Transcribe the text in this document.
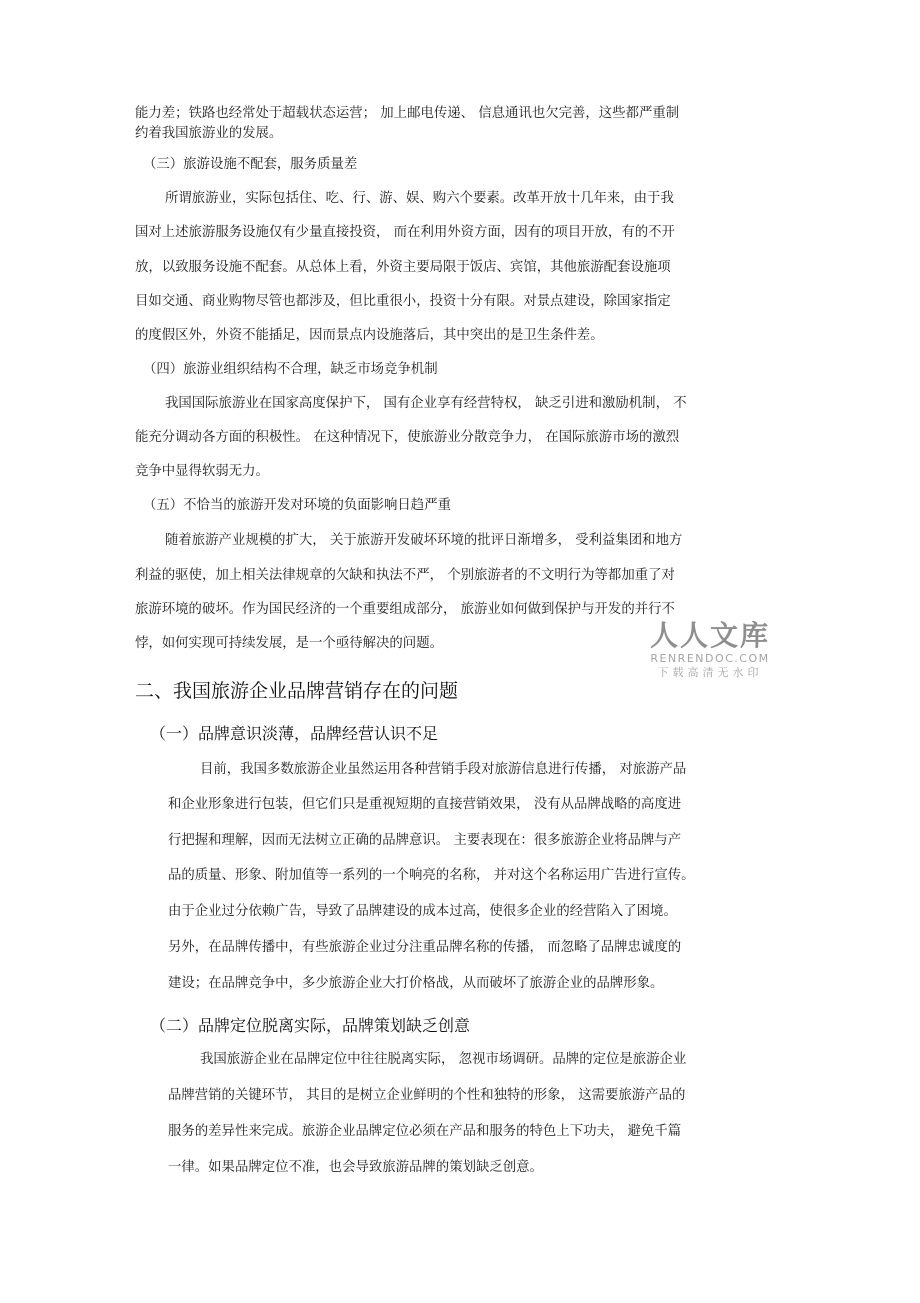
能力差；铁路也经常处于超载状态运营； 加上邮电传递、 信息通讯也欠完善，这些都严重制
约着我国旅游业的发展。
（三）旅游设施不配套，服务质量差
所谓旅游业，实际包括住、吃、行、游、娱、购六个要素。改革开放十几年来，由于我
国对上述旅游服务设施仅有少量直接投资， 而在利用外资方面，因有的项目开放，有的不开
放，以致服务设施不配套。从总体上看，外资主要局限于饭店、宾馆，其他旅游配套设施项
目如交通、商业购物尽管也都涉及，但比重很小，投资十分有限。对景点建设，除国家指定
的度假区外，外资不能插足，因而景点内设施落后，其中突出的是卫生条件差。
（四）旅游业组织结构不合理，缺乏市场竞争机制
我国国际旅游业在国家高度保护下， 国有企业享有经营特权， 缺乏引进和激励机制， 不
能充分调动各方面的积极性。 在这种情况下，使旅游业分散竞争力， 在国际旅游市场的激烈
竞争中显得软弱无力。
（五）不恰当的旅游开发对环境的负面影响日趋严重
随着旅游产业规模的扩大， 关于旅游开发破坏环境的批评日渐增多， 受利益集团和地方
利益的驱使，加上相关法律规章的欠缺和执法不严， 个别旅游者的不文明行为等都加重了对
旅游环境的破坏。作为国民经济的一个重要组成部分， 旅游业如何做到保护与开发的并行不
悖，如何实现可持续发展，是一个亟待解决的问题。	人人文库
RENRENDOC.COM
下载高清无水印
二、我国旅游企业品牌营销存在的问题
（一）品牌意识淡薄，品牌经营认识不足
目前，我国多数旅游企业虽然运用各种营销手段对旅游信息进行传播， 对旅游产品
和企业形象进行包装，但它们只是重视短期的直接营销效果， 没有从品牌战略的高度进
行把握和理解，因而无法树立正确的品牌意识。 主要表现在：很多旅游企业将品牌与产
品的质量、形象、附加值等一系列的一个响亮的名称， 并对这个名称运用广告进行宣传。
由于企业过分依赖广告，导致了品牌建设的成本过高，使很多企业的经营陷入了困境。
另外，在品牌传播中，有些旅游企业过分注重品牌名称的传播， 而忽略了品牌忠诚度的
建设；在品牌竞争中，多少旅游企业大打价格战，从而破坏了旅游企业的品牌形象。
（二）品牌定位脱离实际，品牌策划缺乏创意
我国旅游企业在品牌定位中往往脱离实际， 忽视市场调研。品牌的定位是旅游企业
品牌营销的关键环节， 其目的是树立企业鲜明的个性和独特的形象， 这需要旅游产品的
服务的差异性来完成。旅游企业品牌定位必须在产品和服务的特色上下功夫， 避免千篇
一律。如果品牌定位不准，也会导致旅游品牌的策划缺乏创意。
